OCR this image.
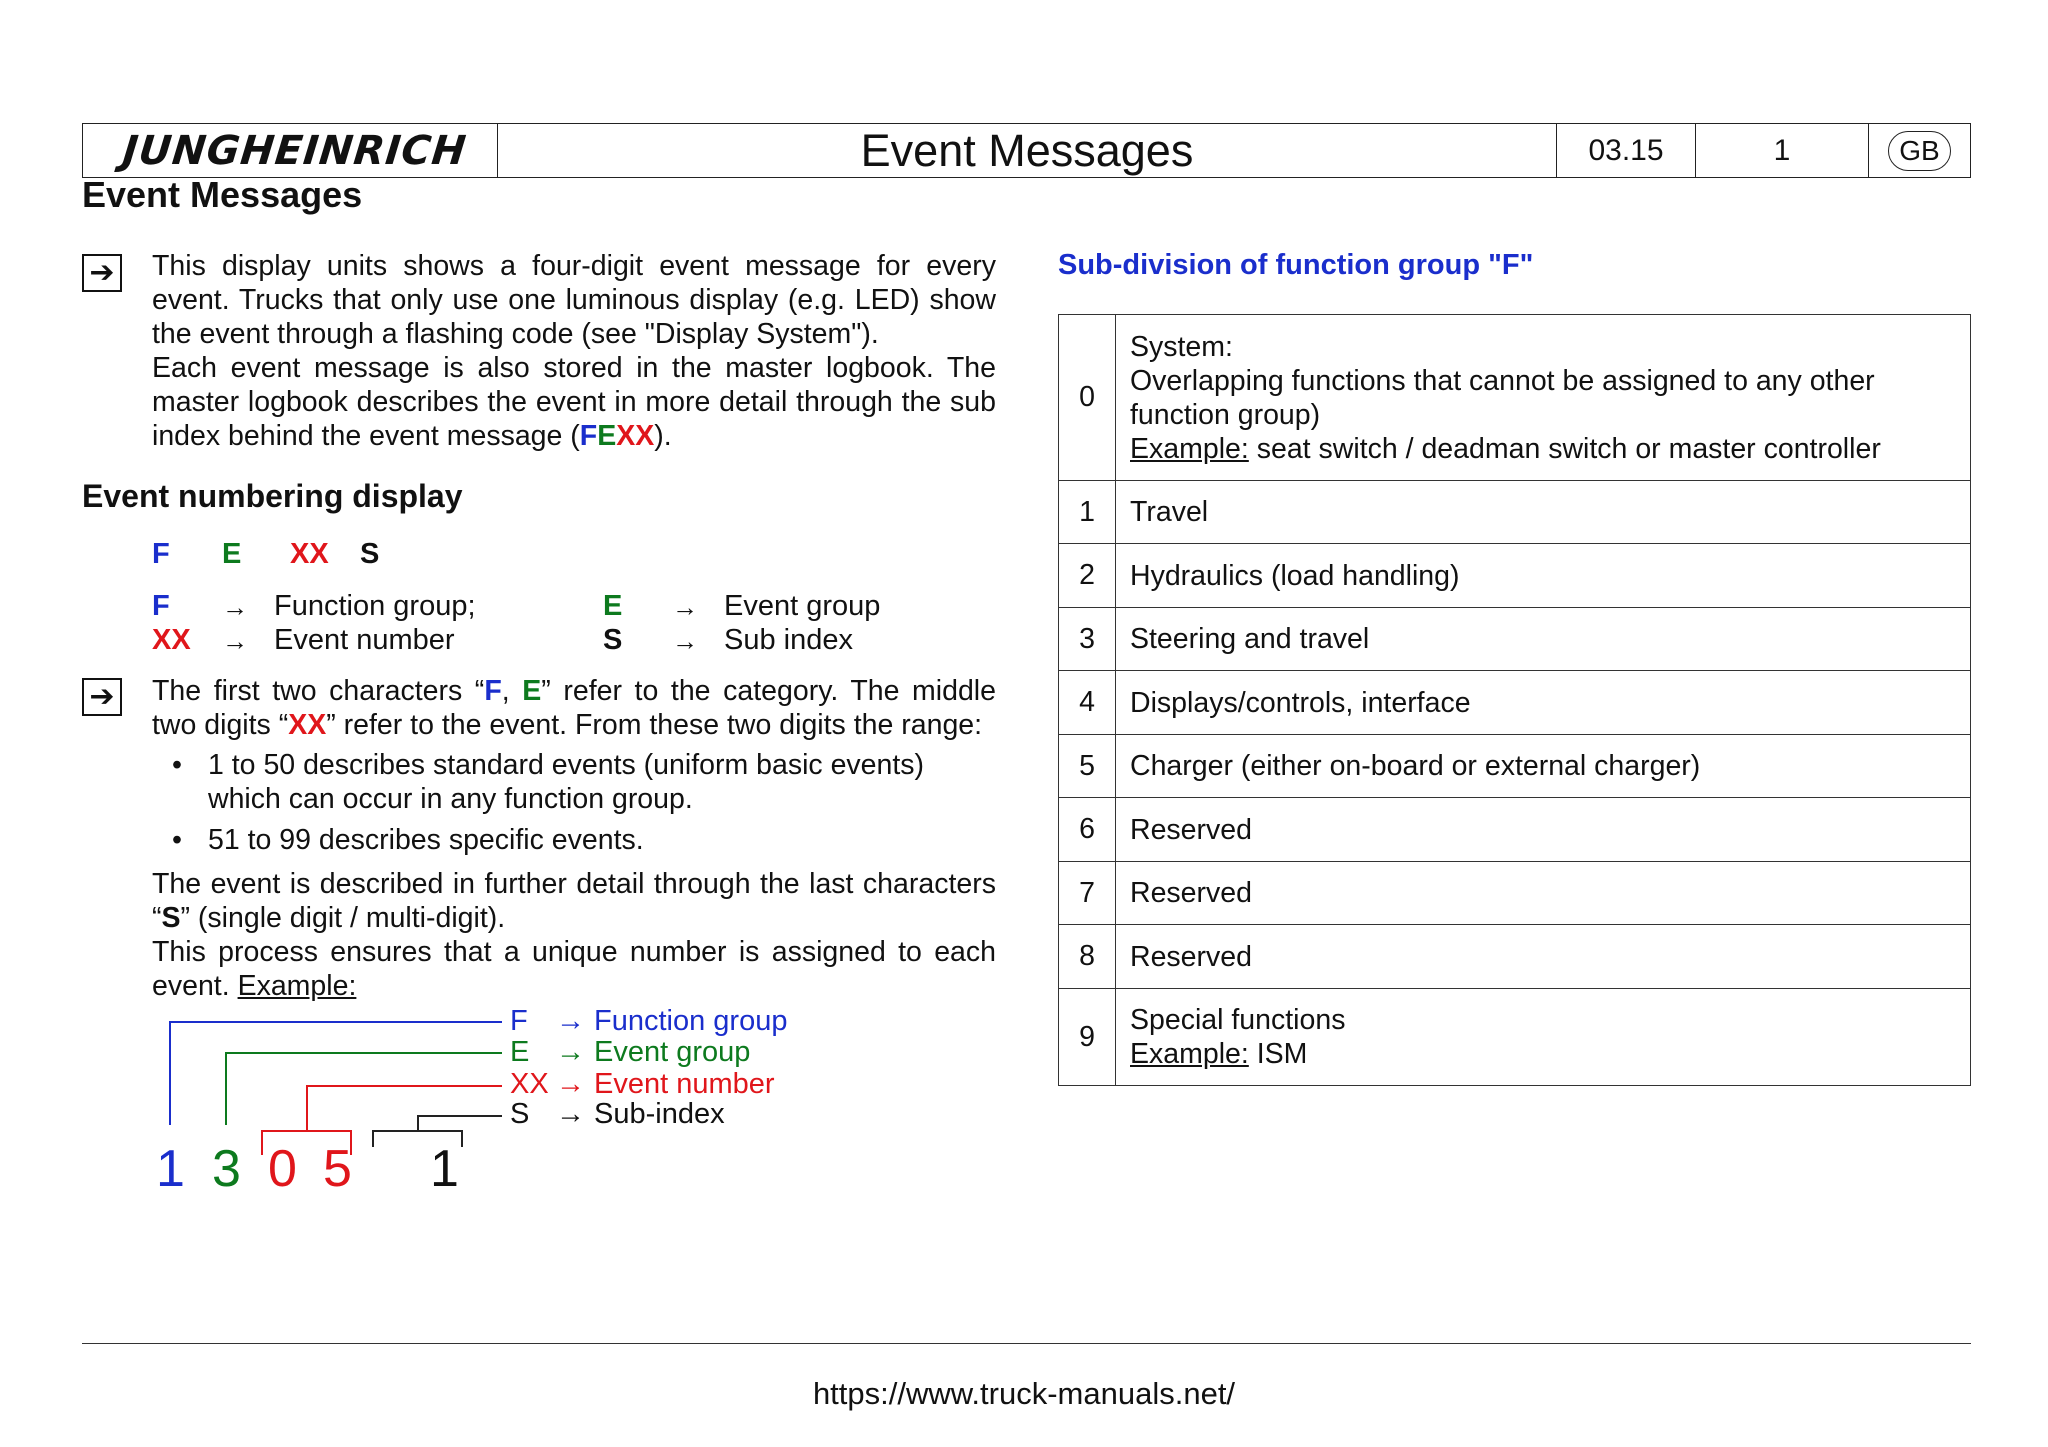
JUNGHEINRICH	Event Messages	03.15	1	GB
Event Messages
➔ This display units shows a four-digit event message for every
event. Trucks that only use one luminous display (e.g. LED) show
the event through a flashing code (see "Display System").
Each event message is also stored in the master logbook. The
master logbook describes the event in more detail through the sub
index behind the event message (FEXX).
Event numbering display
F E XX S
F → Function group;	E → Event group
XX → Event number	S → Sub index
➔ The first two characters “F, E” refer to the category. The middle
two digits “XX” refer to the event. From these two digits the range:
• 1 to 50 describes standard events (uniform basic events)
which can occur in any function group.
• 51 to 99 describes specific events.
The event is described in further detail through the last characters
“S” (single digit / multi-digit).
This process ensures that a unique number is assigned to each
event. Example:
1 3 0 5 1
F → Function group
E → Event group
XX → Event number
S → Sub-index
Sub-division of function group "F"
0	System:
Overlapping functions that cannot be assigned to any other
function group)
Example: seat switch / deadman switch or master controller

1	Travel
2	Hydraulics (load handling)
3	Steering and travel
4	Displays/controls, interface
5	Charger (either on-board or external charger)
6	Reserved
7	Reserved
8	Reserved
9	Special functions
Example: ISM
https://www.truck-manuals.net/
